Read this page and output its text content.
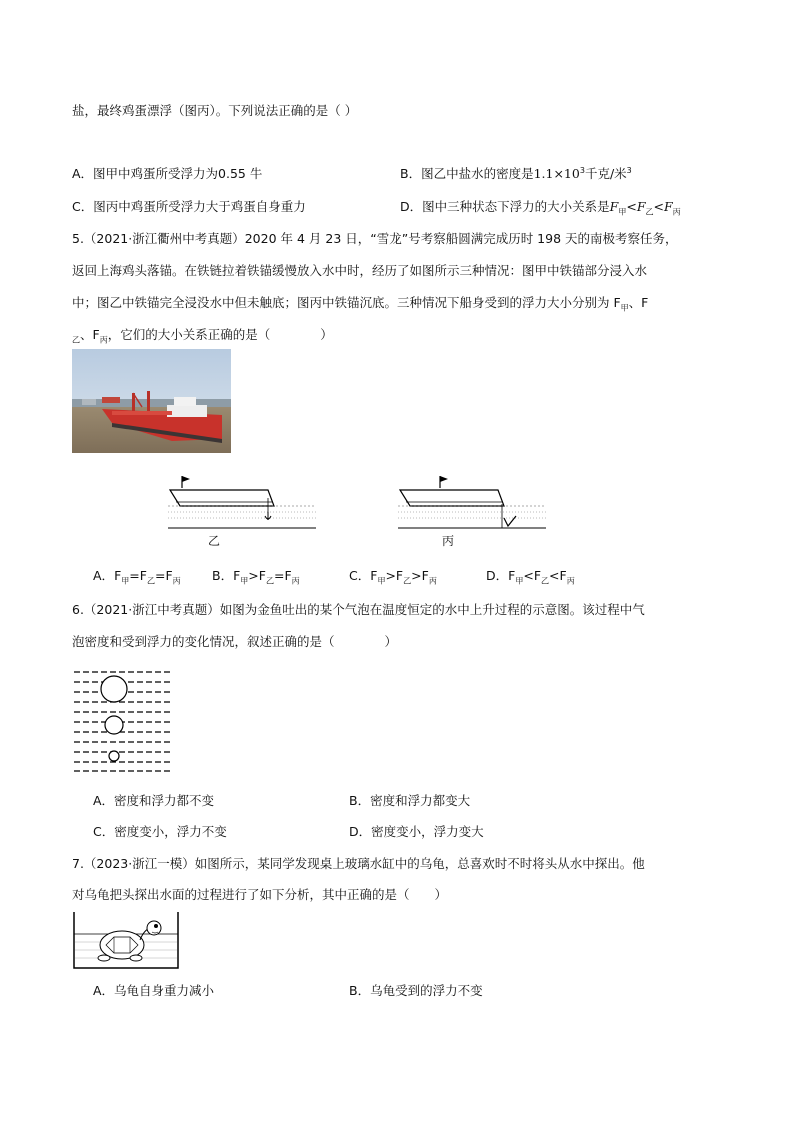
盐，最终鸡蛋漂浮（图丙）。下列说法正确的是（ ）
A．图甲中鸡蛋所受浮力为0.55 牛	B．图乙中盐水的密度是$1.1\times 10^3$千克/米$^3$
C．图丙中鸡蛋所受浮力大于鸡蛋自身重力	D．图中三种状态下浮力的大小关系是$F_甲<F_乙<F_丙$
5.（2021·浙江衢州中考真题）2020 年 4 月 23 日，“雪龙”号考察船圆满完成历时 198 天的南极考察任务，
返回上海鸡头落锚。在铁链拉着铁锚缓慢放入水中时，经历了如图所示三种情况：图甲中铁锚部分浸入水
中；图乙中铁锚完全浸没水中但未触底；图丙中铁锚沉底。三种情况下船身受到的浮力大小分别为 $F_甲$、F
$_乙$、$F_丙$，它们的大小关系正确的是（　　　　）
乙	丙
A．$F_甲=F_乙=F_丙$	B．$F_甲>F_乙=F_丙$	C．$F_甲>F_乙>F_丙$	D．$F_甲<F_乙<F_丙$
6.（2021·浙江中考真题）如图为金鱼吐出的某个气泡在温度恒定的水中上升过程的示意图。该过程中气
泡密度和受到浮力的变化情况，叙述正确的是（　　　　）
A．密度和浮力都不变	B．密度和浮力都变大
C．密度变小，浮力不变	D．密度变小，浮力变大
7.（2023·浙江一模）如图所示，某同学发现桌上玻璃水缸中的乌龟，总喜欢时不时将头从水中探出。他
对乌龟把头探出水面的过程进行了如下分析，其中正确的是（　　）
A．乌龟自身重力减小	B．乌龟受到的浮力不变
